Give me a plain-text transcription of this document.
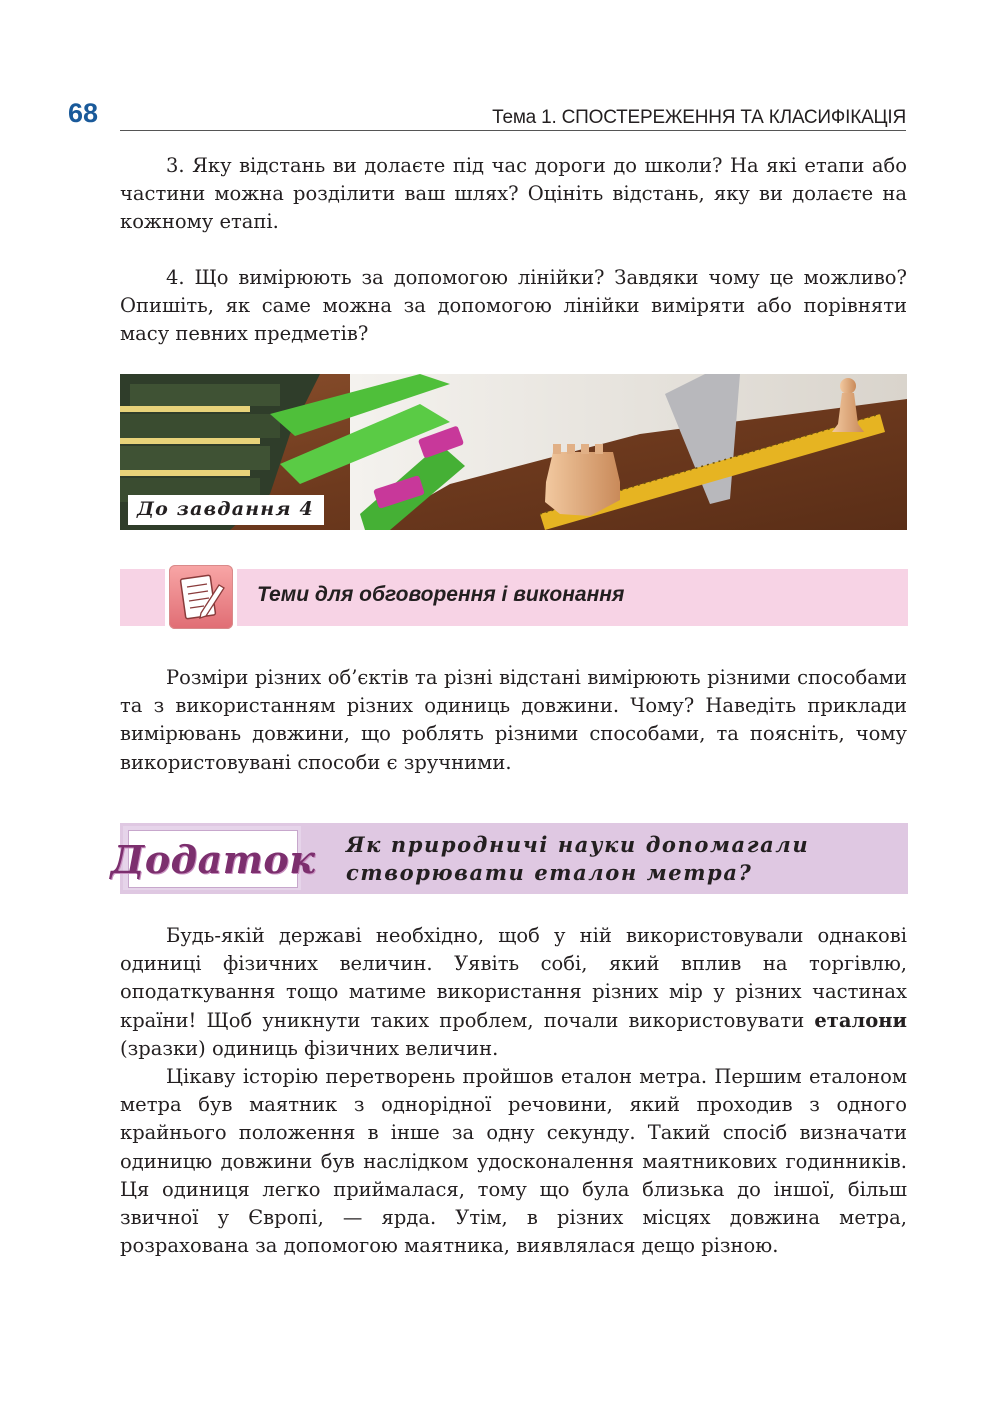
68	Тема 1. СПОСТЕРЕЖЕННЯ ТА КЛАСИФІКАЦІЯ

3. Яку відстань ви долаєте під час дороги до школи? На які етапи або частини можна розділити ваш шлях? Оцініть відстань, яку ви долаєте на кожному етапі.

4. Що вимірюють за допомогою лінійки? Завдяки чому це можливо? Опишіть, як саме можна за допомогою лінійки виміряти або порівняти масу певних предметів?

До завдання 4
Теми для обговорення і виконання

Розміри різних об’єктів та різні відстані вимірюють різними способами та з використанням різних одиниць довжини. Чому? Наведіть приклади вимірювань довжини, що роблять різними способами, та поясніть, чому використовувані способи є зручними.

Додаток Як природничі науки допомагали
створювати еталон метра?

Будь-якій державі необхідно, щоб у ній використовували однакові одиниці фізичних величин. Уявіть собі, який вплив на торгівлю, оподаткування тощо матиме використання різних мір у різних частинах країни! Щоб уникнути таких проблем, почали використовувати еталони (зразки) одиниць фізичних величин.

Цікаву історію перетворень пройшов еталон метра. Першим еталоном метра був маятник з однорідної речовини, який проходив з одного крайнього положення в інше за одну секунду. Такий спосіб визначати одиницю довжини був наслідком удосконалення маятникових годинників. Ця одиниця легко приймалася, тому що була близька до іншої, більш звичної у Європі, — ярда. Утім, в різних місцях довжина метра, розрахована за допомогою маятника, виявлялася дещо різною.
